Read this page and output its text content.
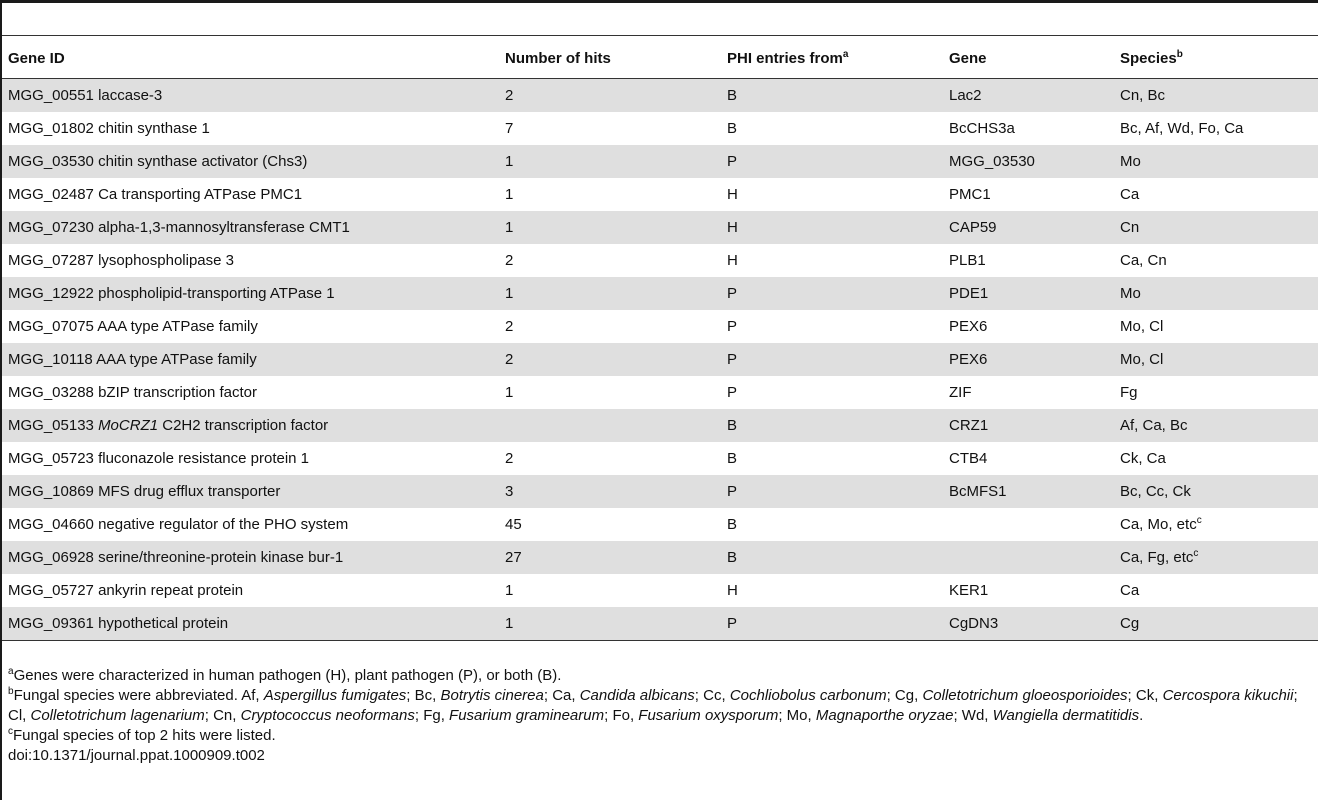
Gene ID	Number of hits	PHI entries from$^a$	Gene	Species$^b$
MGG_00551 laccase-3	2	B	Lac2	Cn, Bc
MGG_01802 chitin synthase 1	7	B	BcCHS3a	Bc, Af, Wd, Fo, Ca
MGG_03530 chitin synthase activator (Chs3)	1	P	MGG_03530	Mo
MGG_02487 Ca transporting ATPase PMC1	1	H	PMC1	Ca
MGG_07230 alpha-1,3-mannosyltransferase CMT1	1	H	CAP59	Cn
MGG_07287 lysophospholipase 3	2	H	PLB1	Ca, Cn
MGG_12922 phospholipid-transporting ATPase 1	1	P	PDE1	Mo
MGG_07075 AAA type ATPase family	2	P	PEX6	Mo, Cl
MGG_10118 AAA type ATPase family	2	P	PEX6	Mo, Cl
MGG_03288 bZIP transcription factor	1	P	ZIF	Fg
MGG_05133 MoCRZ1 C2H2 transcription factor		B	CRZ1	Af, Ca, Bc
MGG_05723 fluconazole resistance protein 1	2	B	CTB4	Ck, Ca
MGG_10869 MFS drug efflux transporter	3	P	BcMFS1	Bc, Cc, Ck
MGG_04660 negative regulator of the PHO system	45	B		Ca, Mo, etc$^c$
MGG_06928 serine/threonine-protein kinase bur-1	27	B		Ca, Fg, etc$^c$
MGG_05727 ankyrin repeat protein	1	H	KER1	Ca
MGG_09361 hypothetical protein	1	P	CgDN3	Cg

$^a$Genes were characterized in human pathogen (H), plant pathogen (P), or both (B).

$^b$Fungal species were abbreviated. Af, Aspergillus fumigates; Bc, Botrytis cinerea; Ca, Candida albicans; Cc, Cochliobolus carbonum; Cg, Colletotrichum gloeosporioides; Ck, Cercospora kikuchii; Cl, Colletotrichum lagenarium; Cn, Cryptococcus neoformans; Fg, Fusarium graminearum; Fo, Fusarium oxysporum; Mo, Magnaporthe oryzae; Wd, Wangiella dermatitidis.

$^c$Fungal species of top 2 hits were listed.

doi:10.1371/journal.ppat.1000909.t002
